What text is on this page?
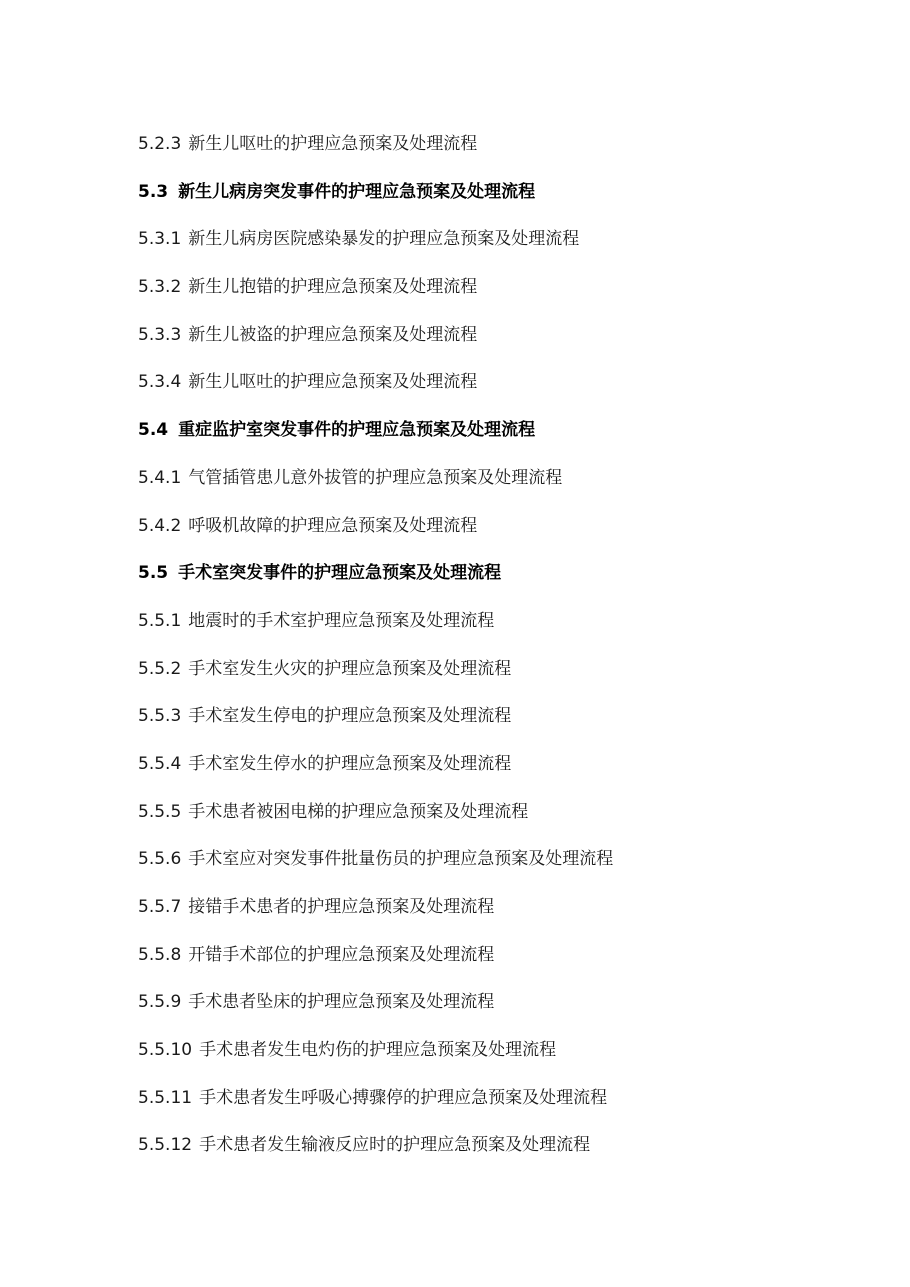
5.2.3 新生儿呕吐的护理应急预案及处理流程
5.3 新生儿病房突发事件的护理应急预案及处理流程
5.3.1 新生儿病房医院感染暴发的护理应急预案及处理流程
5.3.2 新生儿抱错的护理应急预案及处理流程
5.3.3 新生儿被盗的护理应急预案及处理流程
5.3.4 新生儿呕吐的护理应急预案及处理流程
5.4 重症监护室突发事件的护理应急预案及处理流程
5.4.1 气管插管患儿意外拔管的护理应急预案及处理流程
5.4.2 呼吸机故障的护理应急预案及处理流程
5.5 手术室突发事件的护理应急预案及处理流程
5.5.1 地震时的手术室护理应急预案及处理流程
5.5.2 手术室发生火灾的护理应急预案及处理流程
5.5.3 手术室发生停电的护理应急预案及处理流程
5.5.4 手术室发生停水的护理应急预案及处理流程
5.5.5 手术患者被困电梯的护理应急预案及处理流程
5.5.6 手术室应对突发事件批量伤员的护理应急预案及处理流程
5.5.7 接错手术患者的护理应急预案及处理流程
5.5.8 开错手术部位的护理应急预案及处理流程
5.5.9 手术患者坠床的护理应急预案及处理流程
5.5.10 手术患者发生电灼伤的护理应急预案及处理流程
5.5.11 手术患者发生呼吸心搏骤停的护理应急预案及处理流程
5.5.12 手术患者发生输液反应时的护理应急预案及处理流程
